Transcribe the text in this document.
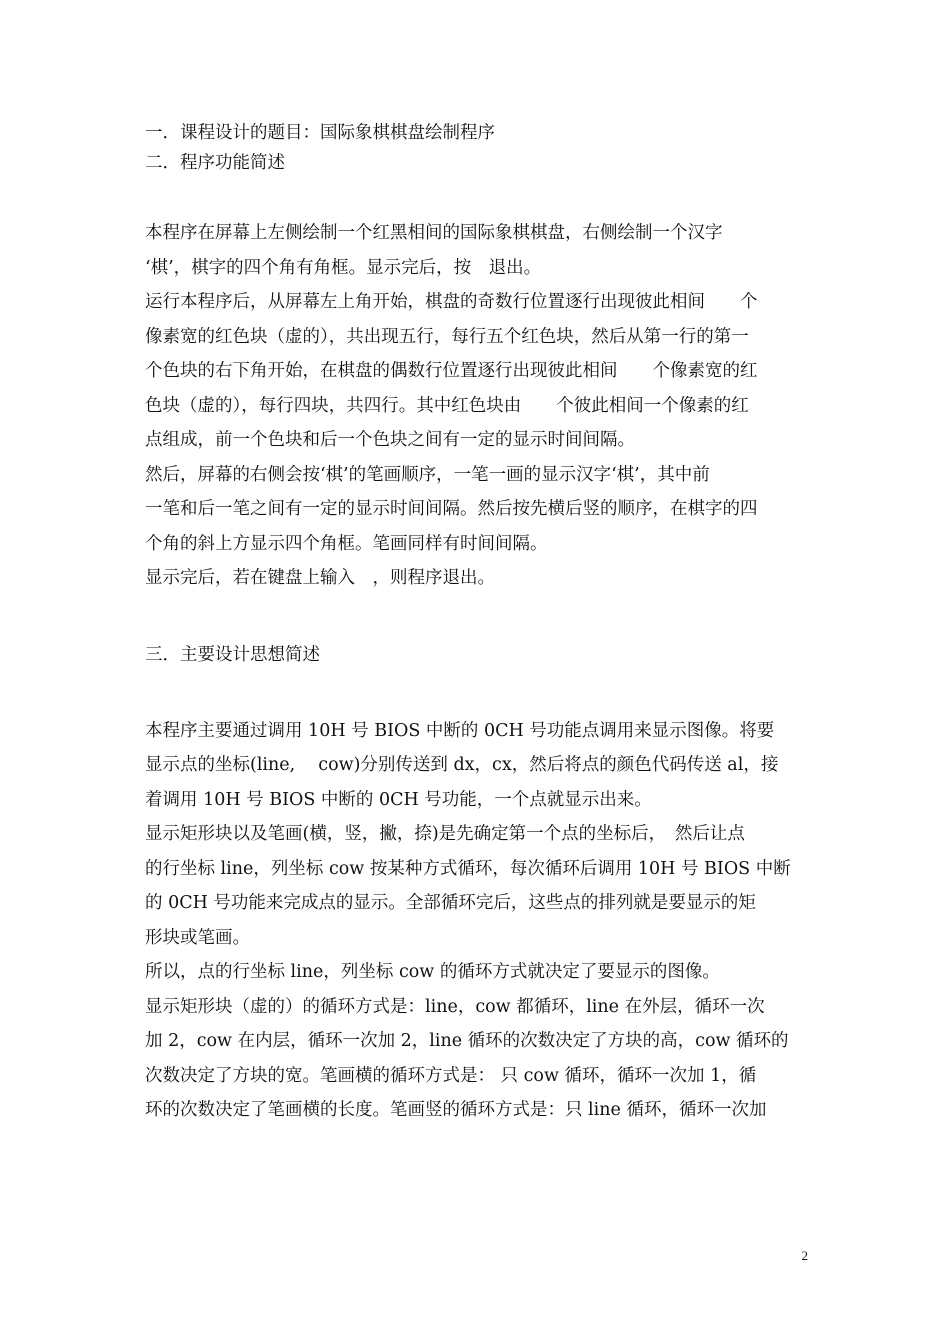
一．课程设计的题目：国际象棋棋盘绘制程序
二．程序功能简述
本程序在屏幕上左侧绘制一个红黑相间的国际象棋棋盘，右侧绘制一个汉字
‘棋’，棋字的四个角有角框。显示完后，按　退出。
运行本程序后，从屏幕左上角开始，棋盘的奇数行位置逐行出现彼此相间　　个
像素宽的红色块（虚的），共出现五行，每行五个红色块，然后从第一行的第一
个色块的右下角开始，在棋盘的偶数行位置逐行出现彼此相间　　个像素宽的红
色块（虚的），每行四块，共四行。其中红色块由　　个彼此相间一个像素的红
点组成，前一个色块和后一个色块之间有一定的显示时间间隔。
然后，屏幕的右侧会按‘棋’的笔画顺序，一笔一画的显示汉字‘棋’，其中前
一笔和后一笔之间有一定的显示时间间隔。然后按先横后竖的顺序，在棋字的四
个角的斜上方显示四个角框。笔画同样有时间间隔。
显示完后，若在键盘上输入　，则程序退出。
三．主要设计思想简述
本程序主要通过调用 10H 号 BIOS 中断的 0CH 号功能点调用来显示图像。将要
显示点的坐标(line,　 cow)分别传送到 dx，cx，然后将点的颜色代码传送 al，接
着调用 10H 号 BIOS 中断的 0CH 号功能，一个点就显示出来。
显示矩形块以及笔画(横，竖，撇，捺)是先确定第一个点的坐标后，　然后让点
的行坐标 line，列坐标 cow 按某种方式循环，每次循环后调用 10H 号 BIOS 中断
的 0CH 号功能来完成点的显示。全部循环完后，这些点的排列就是要显示的矩
形块或笔画。
所以，点的行坐标 line，列坐标 cow 的循环方式就决定了要显示的图像。
显示矩形块（虚的）的循环方式是：line，cow 都循环，line 在外层，循环一次
加 2，cow 在内层，循环一次加 2，line 循环的次数决定了方块的高，cow 循环的
次数决定了方块的宽。笔画横的循环方式是： 只 cow 循环，循环一次加 1，循
环的次数决定了笔画横的长度。笔画竖的循环方式是：只 line 循环，循环一次加
2
